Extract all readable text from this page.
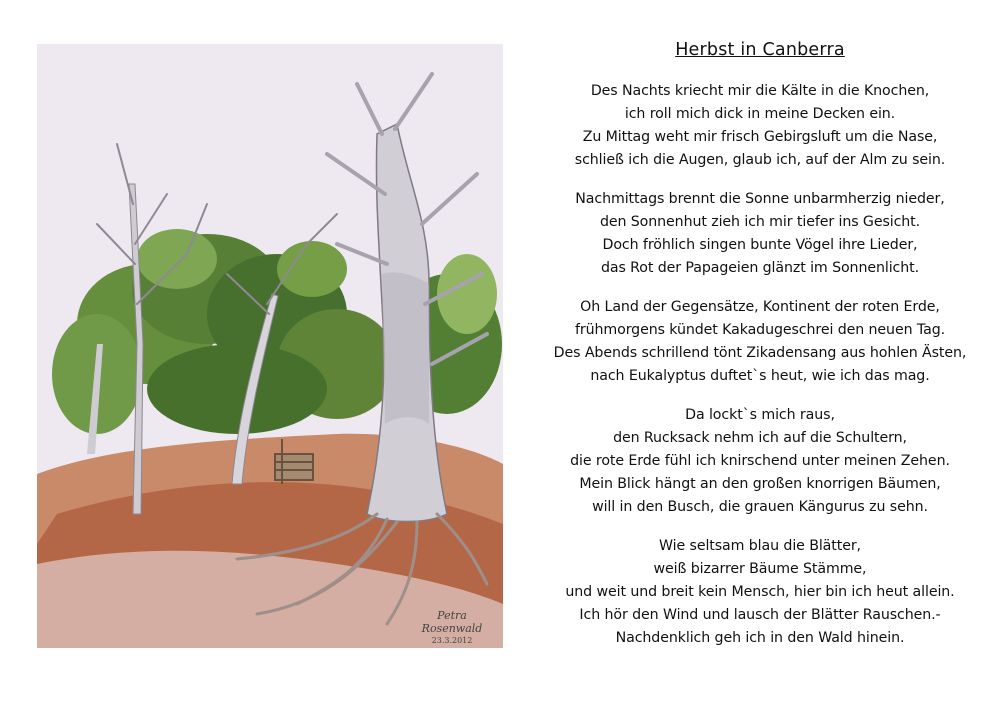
Petra Rosenwald
23.3.2012
Herbst in Canberra
Des Nachts kriecht mir die Kälte in die Knochen,
ich roll mich dick in meine Decken ein.
Zu Mittag weht mir frisch Gebirgsluft um die Nase,
schließ ich die Augen, glaub ich, auf der Alm zu sein.
Nachmittags brennt die Sonne unbarmherzig nieder,
den Sonnenhut zieh ich mir tiefer ins Gesicht.
Doch fröhlich singen bunte Vögel ihre Lieder,
das Rot der Papageien glänzt im Sonnenlicht.
Oh Land der Gegensätze, Kontinent der roten Erde,
frühmorgens kündet Kakadugeschrei den neuen Tag.
Des Abends schrillend tönt Zikadensang aus hohlen Ästen,
nach Eukalyptus duftet`s heut, wie ich das mag.
Da lockt`s mich raus,
den Rucksack nehm ich auf die Schultern,
die rote Erde fühl ich knirschend unter meinen Zehen.
Mein Blick hängt an den großen knorrigen Bäumen,
will in den Busch, die grauen Kängurus zu sehn.
Wie seltsam blau die Blätter,
weiß bizarrer Bäume Stämme,
und weit und breit kein Mensch, hier bin ich heut allein.
Ich hör den Wind und lausch der Blätter Rauschen.-
Nachdenklich geh ich in den Wald hinein.
